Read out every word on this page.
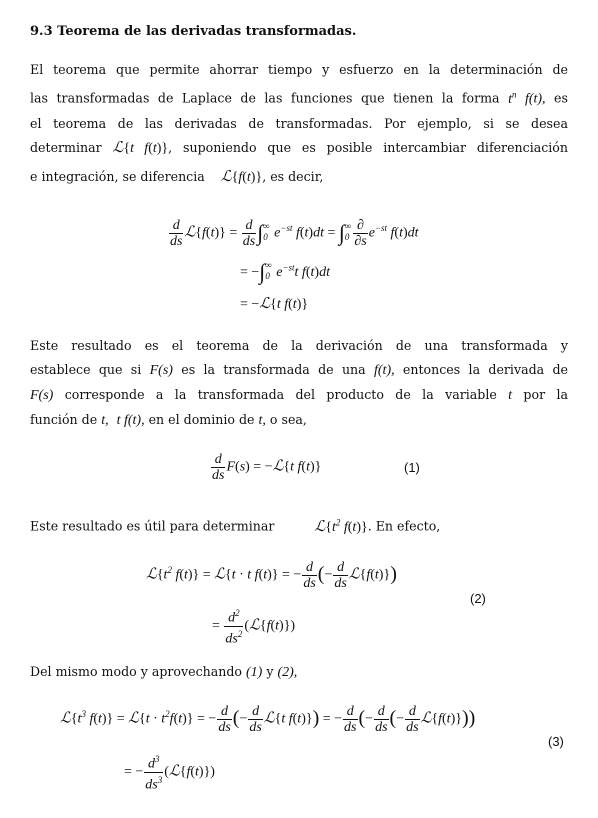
9.3 Teorema de las derivadas transformadas.
El teorema que permite ahorrar tiempo y esfuerzo en la determinación de
las transformadas de Laplace de las funciones que tienen la forma $t^n$ f(t), es
el teorema de las derivadas de transformadas. Por ejemplo, si se desea
determinar ℒ{t f(t)}, suponiendo que es posible intercambiar diferenciación
e integración, se diferencia    ℒ{f(t)}, es decir,
$\frac{d}{ds}$ ℒ{f(t)} = $\frac{d}{ds}$ ∫ ∞
0 $e^{-st}$ f(t)dt = ∫ ∞
$0 \frac{\partial}{\partial s} e^{-st}$ f(t)dt
= −∫ ∞
0 $e^{-st}t$ f(t)dt
= −ℒ{t f(t)}
Este resultado es el teorema de la derivación de una transformada y
establece que si F(s) es la transformada de una f(t), entonces la derivada de
F(s) corresponde a la transformada del producto de la variable t por la
función de t, t f(t), en el dominio de t, o sea,
$\frac{d}{ds} F(s)$ = −ℒ{t f(t)}	(1)
Este resultado es útil para determinar	$ℒ\{t^2$ f(t)}. En efecto,
$ℒ\{t^2$ f(t)} = ℒ{t · t f(t)} = − $\frac{d}{ds}$ (− $\frac{d}{ds}$ ℒ{f(t)})
= $\frac{d^2}{ds^2}$ (ℒ{f(t)})
(2)
Del mismo modo y aprovechando (1) y (2),
$ℒ\{t^3$ f(t)} = ℒ{t · $t^2f(t)$} = − $\frac{d}{ds}$ (− $\frac{d}{ds}$ ℒ{t f(t)}) = − $\frac{d}{ds}$ (− $\frac{d}{ds}$ (− $\frac{d}{ds}$ ℒ{f(t)}))
= − $\frac{d^3}{ds^3}$ (ℒ{f(t)})
(3)
